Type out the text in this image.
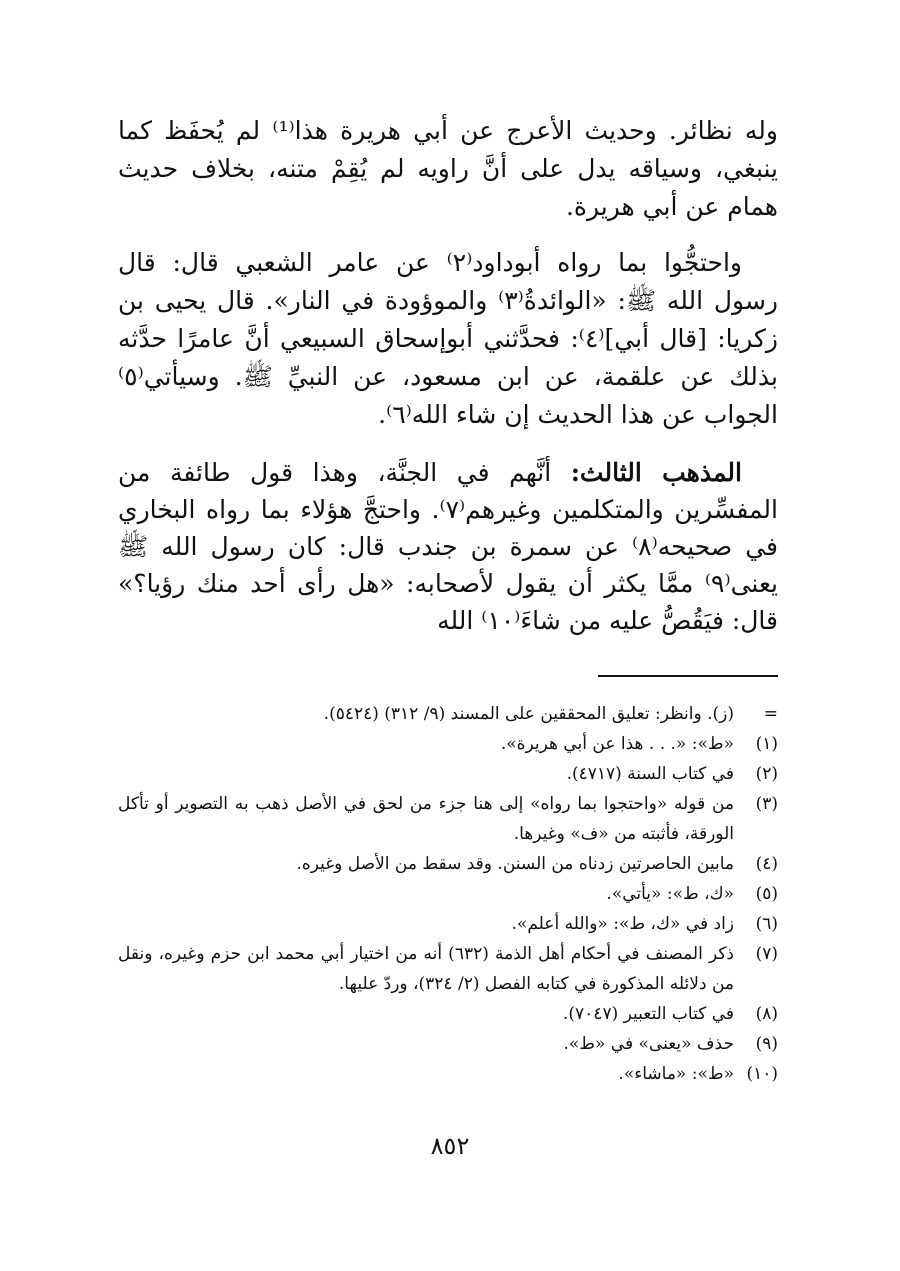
وله نظائر. وحديث الأعرج عن أبي هريرة هذا⁽¹⁾ لم يُحفَظ كما ينبغي، وسياقه يدل على أنَّ راويه لم يُقِمْ متنه، بخلاف حديث همام عن أبي هريرة.

واحتجُّوا بما رواه أبوداود⁽٢⁾ عن عامر الشعبي قال: قال رسول الله ﷺ: «الوائدةُ⁽٣⁾ والموؤودة في النار». قال يحيى بن زكريا: [قال أبي]⁽٤⁾: فحدَّثني أبوإسحاق السبيعي أنَّ عامرًا حدَّثه بذلك عن علقمة، عن ابن مسعود، عن النبيِّ ﷺ. وسيأتي⁽٥⁾ الجواب عن هذا الحديث إن شاء الله⁽٦⁾.

المذهب الثالث: أنَّهم في الجنَّة، وهذا قول طائفة من المفسِّرين والمتكلمين وغيرهم⁽٧⁾. واحتجَّ هؤلاء بما رواه البخاري في صحيحه⁽٨⁾ عن سمرة بن جندب قال: كان رسول الله ﷺ يعنى⁽٩⁾ ممَّا يكثر أن يقول لأصحابه: «هل رأى أحد منك رؤيا؟» قال: فيَقُصُّ عليه من شاءَ⁽١٠⁾ الله

=
(ز). وانظر: تعليق المحققين على المسند (٩/ ٣١٢) (٥٤٢٤).
(١)
«ط»: «. . . هذا عن أبي هريرة».
(٢)
في كتاب السنة (٤٧١٧).
(٣)
من قوله «واحتجوا بما رواه» إلى هنا جزء من لحق في الأصل ذهب به التصوير أو تأكل الورقة، فأثبته من «ف» وغيرها.
(٤)
مابين الحاصرتين زدناه من السنن. وقد سقط من الأصل وغيره.
(٥)
«ك، ط»: «يأتي».
(٦)
زاد في «ك، ط»: «والله أعلم».
(٧)
ذكر المصنف في أحكام أهل الذمة (٦٣٢) أنه من اختيار أبي محمد ابن حزم وغيره، ونقل من دلائله المذكورة في كتابه الفصل (٢/ ٣٢٤)، وردّ عليها.
(٨)
في كتاب التعبير (٧٠٤٧).
(٩)
حذف «يعنى» في «ط».
(١٠)
«ط»: «ماشاء».
٨٥٢
